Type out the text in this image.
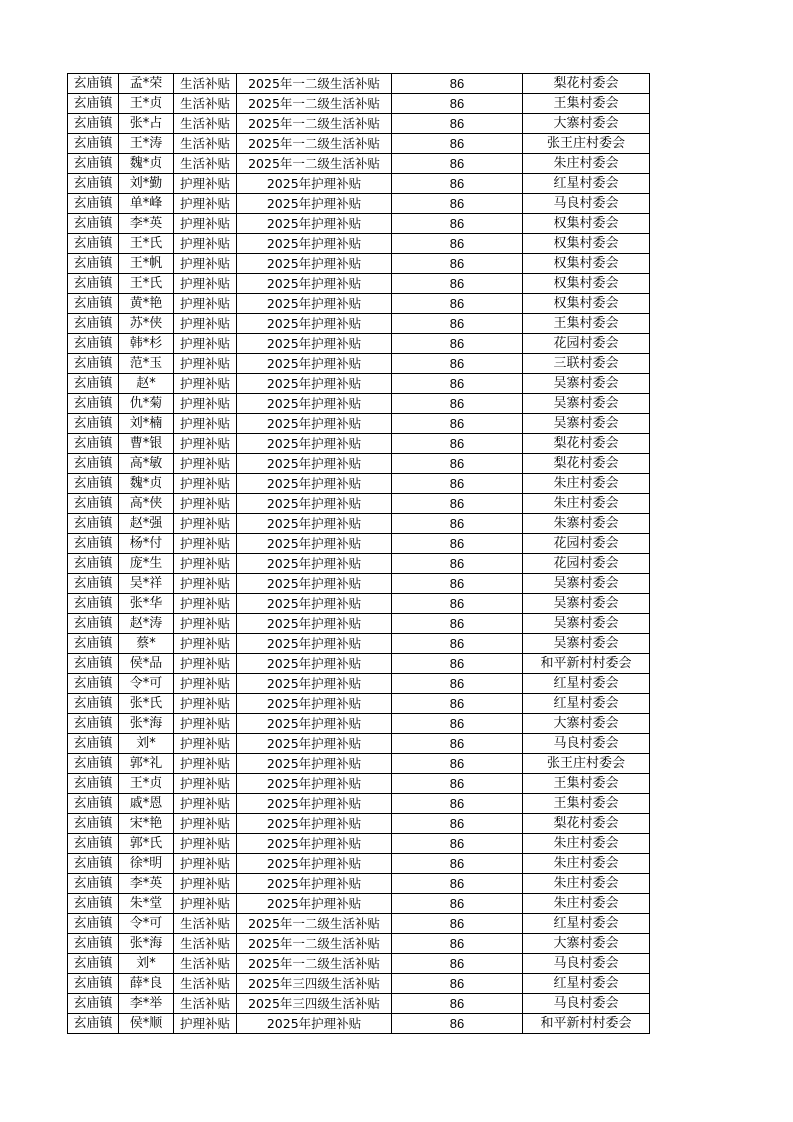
玄庙镇	孟*荣	生活补贴	2025年一二级生活补贴	86	梨花村委会
玄庙镇	王*贞	生活补贴	2025年一二级生活补贴	86	王集村委会
玄庙镇	张*占	生活补贴	2025年一二级生活补贴	86	大寨村委会
玄庙镇	王*涛	生活补贴	2025年一二级生活补贴	86	张王庄村委会
玄庙镇	魏*贞	生活补贴	2025年一二级生活补贴	86	朱庄村委会
玄庙镇	刘*勤	护理补贴	2025年护理补贴	86	红星村委会
玄庙镇	单*峰	护理补贴	2025年护理补贴	86	马良村委会
玄庙镇	李*英	护理补贴	2025年护理补贴	86	权集村委会
玄庙镇	王*氏	护理补贴	2025年护理补贴	86	权集村委会
玄庙镇	王*帆	护理补贴	2025年护理补贴	86	权集村委会
玄庙镇	王*氏	护理补贴	2025年护理补贴	86	权集村委会
玄庙镇	黄*艳	护理补贴	2025年护理补贴	86	权集村委会
玄庙镇	苏*侠	护理补贴	2025年护理补贴	86	王集村委会
玄庙镇	韩*杉	护理补贴	2025年护理补贴	86	花园村委会
玄庙镇	范*玉	护理补贴	2025年护理补贴	86	三联村委会
玄庙镇	赵*	护理补贴	2025年护理补贴	86	吴寨村委会
玄庙镇	仇*菊	护理补贴	2025年护理补贴	86	吴寨村委会
玄庙镇	刘*楠	护理补贴	2025年护理补贴	86	吴寨村委会
玄庙镇	曹*银	护理补贴	2025年护理补贴	86	梨花村委会
玄庙镇	高*敏	护理补贴	2025年护理补贴	86	梨花村委会
玄庙镇	魏*贞	护理补贴	2025年护理补贴	86	朱庄村委会
玄庙镇	高*侠	护理补贴	2025年护理补贴	86	朱庄村委会
玄庙镇	赵*强	护理补贴	2025年护理补贴	86	朱寨村委会
玄庙镇	杨*付	护理补贴	2025年护理补贴	86	花园村委会
玄庙镇	庞*生	护理补贴	2025年护理补贴	86	花园村委会
玄庙镇	吴*祥	护理补贴	2025年护理补贴	86	吴寨村委会
玄庙镇	张*华	护理补贴	2025年护理补贴	86	吴寨村委会
玄庙镇	赵*涛	护理补贴	2025年护理补贴	86	吴寨村委会
玄庙镇	蔡*	护理补贴	2025年护理补贴	86	吴寨村委会
玄庙镇	侯*品	护理补贴	2025年护理补贴	86	和平新村村委会
玄庙镇	令*可	护理补贴	2025年护理补贴	86	红星村委会
玄庙镇	张*氏	护理补贴	2025年护理补贴	86	红星村委会
玄庙镇	张*海	护理补贴	2025年护理补贴	86	大寨村委会
玄庙镇	刘*	护理补贴	2025年护理补贴	86	马良村委会
玄庙镇	郭*礼	护理补贴	2025年护理补贴	86	张王庄村委会
玄庙镇	王*贞	护理补贴	2025年护理补贴	86	王集村委会
玄庙镇	戚*恩	护理补贴	2025年护理补贴	86	王集村委会
玄庙镇	宋*艳	护理补贴	2025年护理补贴	86	梨花村委会
玄庙镇	郭*氏	护理补贴	2025年护理补贴	86	朱庄村委会
玄庙镇	徐*明	护理补贴	2025年护理补贴	86	朱庄村委会
玄庙镇	李*英	护理补贴	2025年护理补贴	86	朱庄村委会
玄庙镇	朱*堂	护理补贴	2025年护理补贴	86	朱庄村委会
玄庙镇	令*可	生活补贴	2025年一二级生活补贴	86	红星村委会
玄庙镇	张*海	生活补贴	2025年一二级生活补贴	86	大寨村委会
玄庙镇	刘*	生活补贴	2025年一二级生活补贴	86	马良村委会
玄庙镇	薛*良	生活补贴	2025年三四级生活补贴	86	红星村委会
玄庙镇	李*举	生活补贴	2025年三四级生活补贴	86	马良村委会
玄庙镇	侯*顺	护理补贴	2025年护理补贴	86	和平新村村委会
